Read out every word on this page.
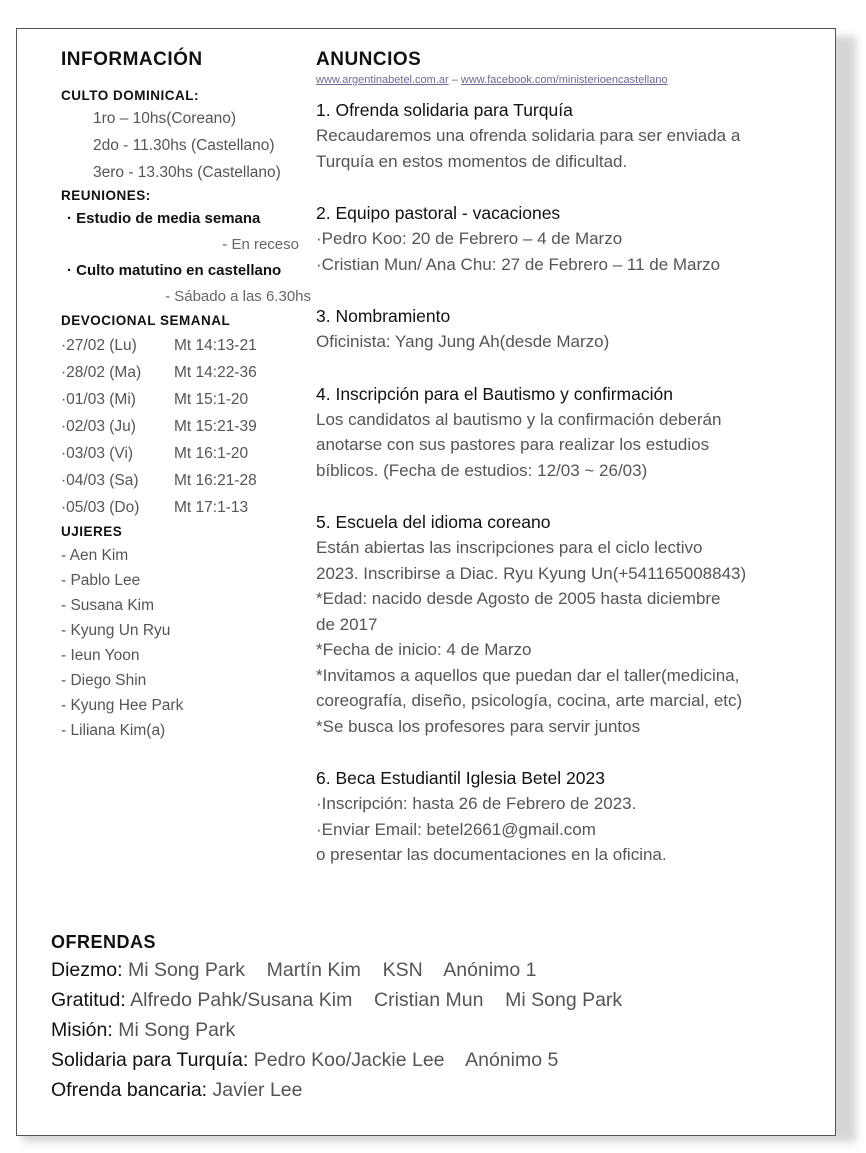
INFORMACIÓN
CULTO DOMINICAL:
1ro – 10hs(Coreano)
2do - 11.30hs (Castellano)
3ero - 13.30hs (Castellano)
REUNIONES:
· Estudio de media semana
- En receso
· Culto matutino en castellano
- Sábado a las 6.30hs
DEVOCIONAL SEMANAL
·27/02 (Lu)	Mt 14:13-21
·28/02 (Ma)	Mt 14:22-36
·01/03 (Mi)	Mt 15:1-20
·02/03 (Ju)	Mt 15:21-39
·03/03 (Vi)	Mt 16:1-20
·04/03 (Sa)	Mt 16:21-28
·05/03 (Do)	Mt 17:1-13
UJIERES
- Aen Kim
- Pablo Lee
- Susana Kim
- Kyung Un Ryu
- Ieun Yoon
- Diego Shin
- Kyung Hee Park
- Liliana Kim(a)
ANUNCIOS
www.argentinabetel.com.ar – www.facebook.com/ministerioencastellano
1. Ofrenda solidaria para Turquía
Recaudaremos una ofrenda solidaria para ser enviada a
Turquía en estos momentos de dificultad.
2. Equipo pastoral - vacaciones
·Pedro Koo: 20 de Febrero – 4 de Marzo
·Cristian Mun/ Ana Chu: 27 de Febrero – 11 de Marzo
3. Nombramiento
Oficinista: Yang Jung Ah(desde Marzo)
4. Inscripción para el Bautismo y confirmación
Los candidatos al bautismo y la confirmación deberán
anotarse con sus pastores para realizar los estudios
bíblicos. (Fecha de estudios: 12/03 ~ 26/03)
5. Escuela del idioma coreano
Están abiertas las inscripciones para el ciclo lectivo
2023. Inscribirse a Diac. Ryu Kyung Un(+541165008843)
*Edad: nacido desde Agosto de 2005 hasta diciembre
de 2017
*Fecha de inicio: 4 de Marzo
*Invitamos a aquellos que puedan dar el taller(medicina,
coreografía, diseño, psicología, cocina, arte marcial, etc)
*Se busca los profesores para servir juntos
6. Beca Estudiantil Iglesia Betel 2023
·Inscripción: hasta 26 de Febrero de 2023.
·Enviar Email: betel2661@gmail.com
o presentar las documentaciones en la oficina.
OFRENDAS
Diezmo: Mi Song Park    Martín Kim    KSN    Anónimo 1
Gratitud: Alfredo Pahk/Susana Kim    Cristian Mun    Mi Song Park
Misión: Mi Song Park
Solidaria para Turquía: Pedro Koo/Jackie Lee    Anónimo 5
Ofrenda bancaria: Javier Lee
